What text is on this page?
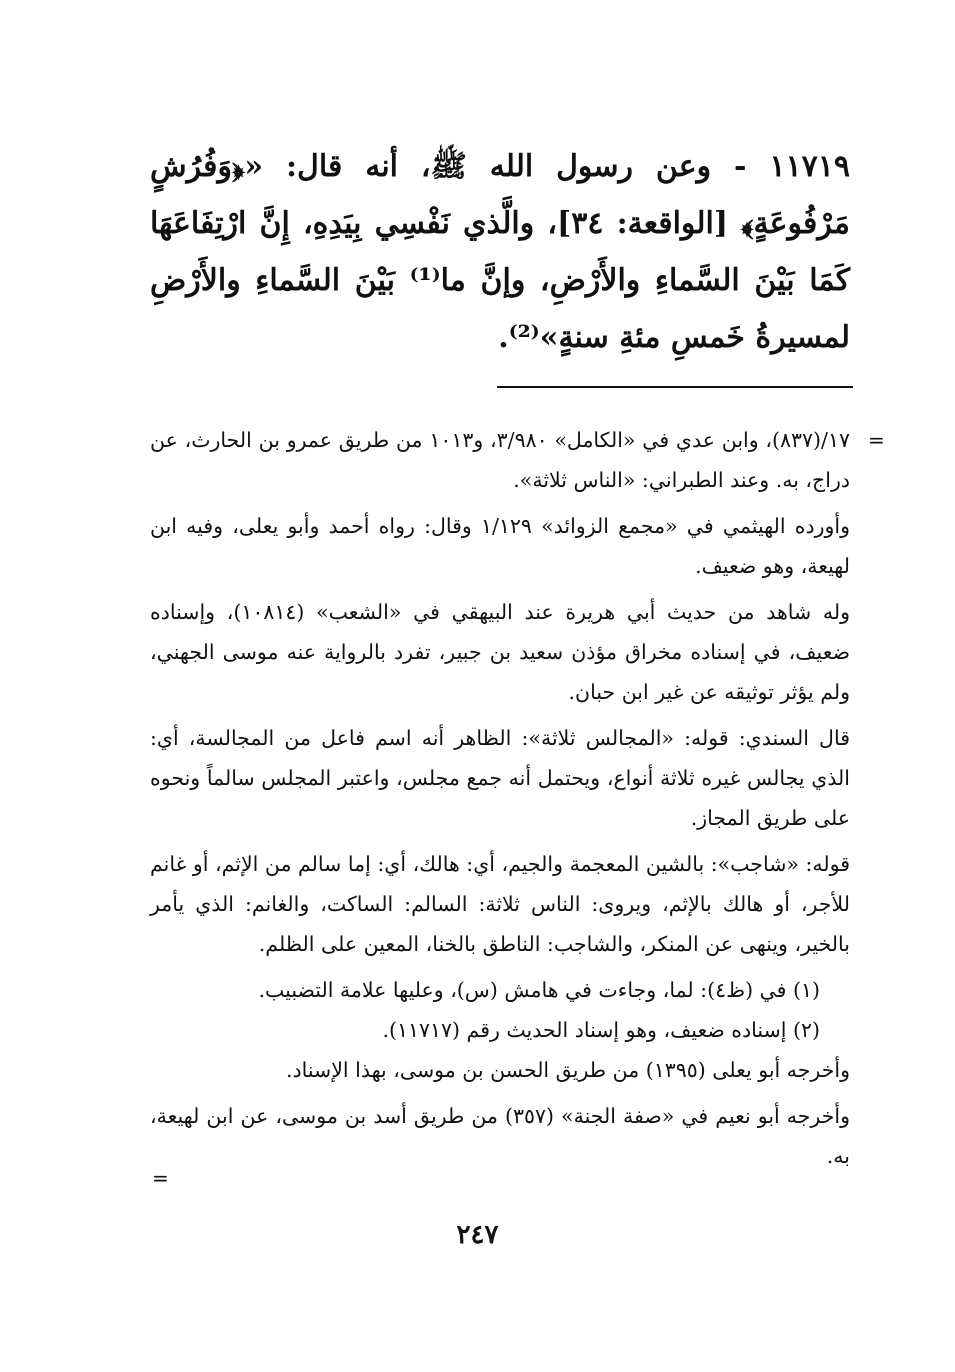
١١٧١٩ - وعن رسول الله ﷺ، أنه قال: «﴿وَفُرُشٍ مَرْفُوعَةٍ﴾ [الواقعة: ٣٤]، والَّذي نَفْسِي بِيَدِهِ، إِنَّ ارْتِفَاعَهَا كَمَا بَيْنَ السَّماءِ والأَرْضِ، وإنَّ ما⁽¹⁾ بَيْنَ السَّماءِ والأَرْضِ لمسيرةُ خَمسِ مئةِ سنةٍ»⁽²⁾.

=

١٧/(٨٣٧)، وابن عدي في «الكامل» ٣/٩٨٠، و١٠١٣ من طريق عمرو بن الحارث، عن دراج، به. وعند الطبراني: «الناس ثلاثة».

وأورده الهيثمي في «مجمع الزوائد» ١/١٢٩ وقال: رواه أحمد وأبو يعلى، وفيه ابن لهيعة، وهو ضعيف.

وله شاهد من حديث أبي هريرة عند البيهقي في «الشعب» (١٠٨١٤)، وإسناده ضعيف، في إسناده مخراق مؤذن سعيد بن جبير، تفرد بالرواية عنه موسى الجهني، ولم يؤثر توثيقه عن غير ابن حبان.

قال السندي: قوله: «المجالس ثلاثة»: الظاهر أنه اسم فاعل من المجالسة، أي: الذي يجالس غيره ثلاثة أنواع، ويحتمل أنه جمع مجلس، واعتبر المجلس سالماً ونحوه على طريق المجاز.

قوله: «شاجب»: بالشين المعجمة والجيم، أي: هالك، أي: إما سالم من الإثم، أو غانم للأجر، أو هالك بالإثم، ويروى: الناس ثلاثة: السالم: الساكت، والغانم: الذي يأمر بالخير، وينهى عن المنكر، والشاجب: الناطق بالخنا، المعين على الظلم.

(١) في (ظ٤): لما، وجاءت في هامش (س)، وعليها علامة التضبيب.

(٢) إسناده ضعيف، وهو إسناد الحديث رقم (١١٧١٧).

وأخرجه أبو يعلى (١٣٩٥) من طريق الحسن بن موسى، بهذا الإسناد.

وأخرجه أبو نعيم في «صفة الجنة» (٣٥٧) من طريق أسد بن موسى، عن ابن لهيعة، به.

=
٢٤٧
